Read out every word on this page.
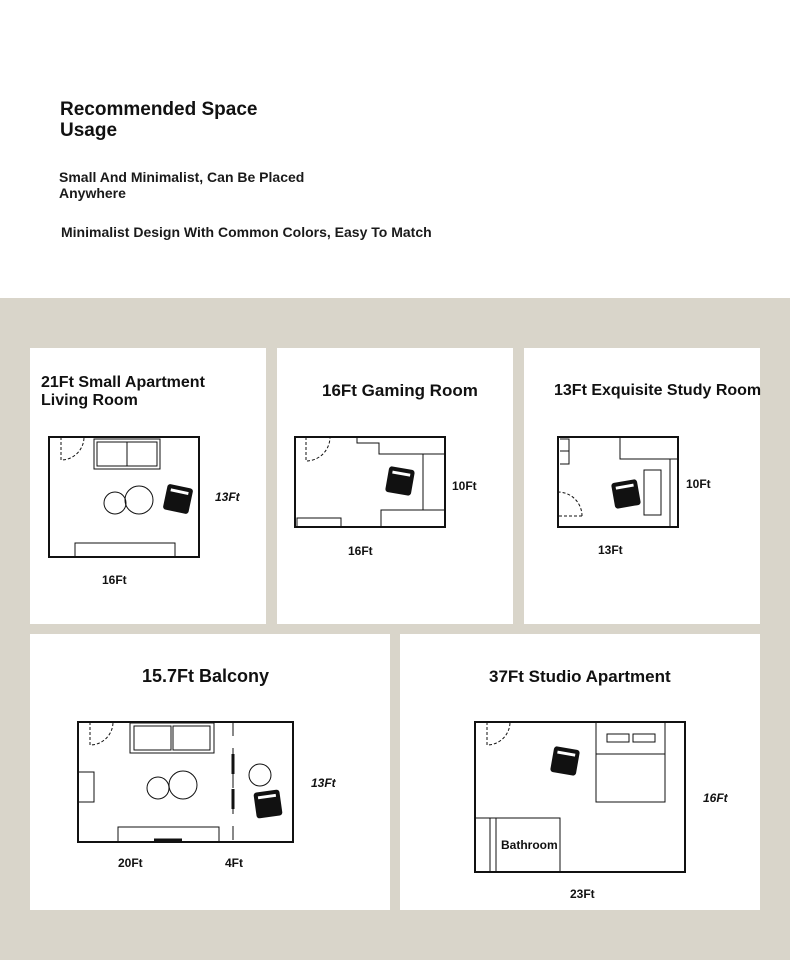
Recommended Space Usage
Small And Minimalist, Can Be Placed Anywhere
Minimalist Design With Common Colors, Easy To Match
21Ft Small Apartment Living Room
13Ft
16Ft
16Ft Gaming Room
10Ft
16Ft
13Ft Exquisite Study Room
10Ft
13Ft
15.7Ft Balcony
13Ft
20Ft	4Ft
37Ft Studio Apartment
Bathroom
16Ft
23Ft
